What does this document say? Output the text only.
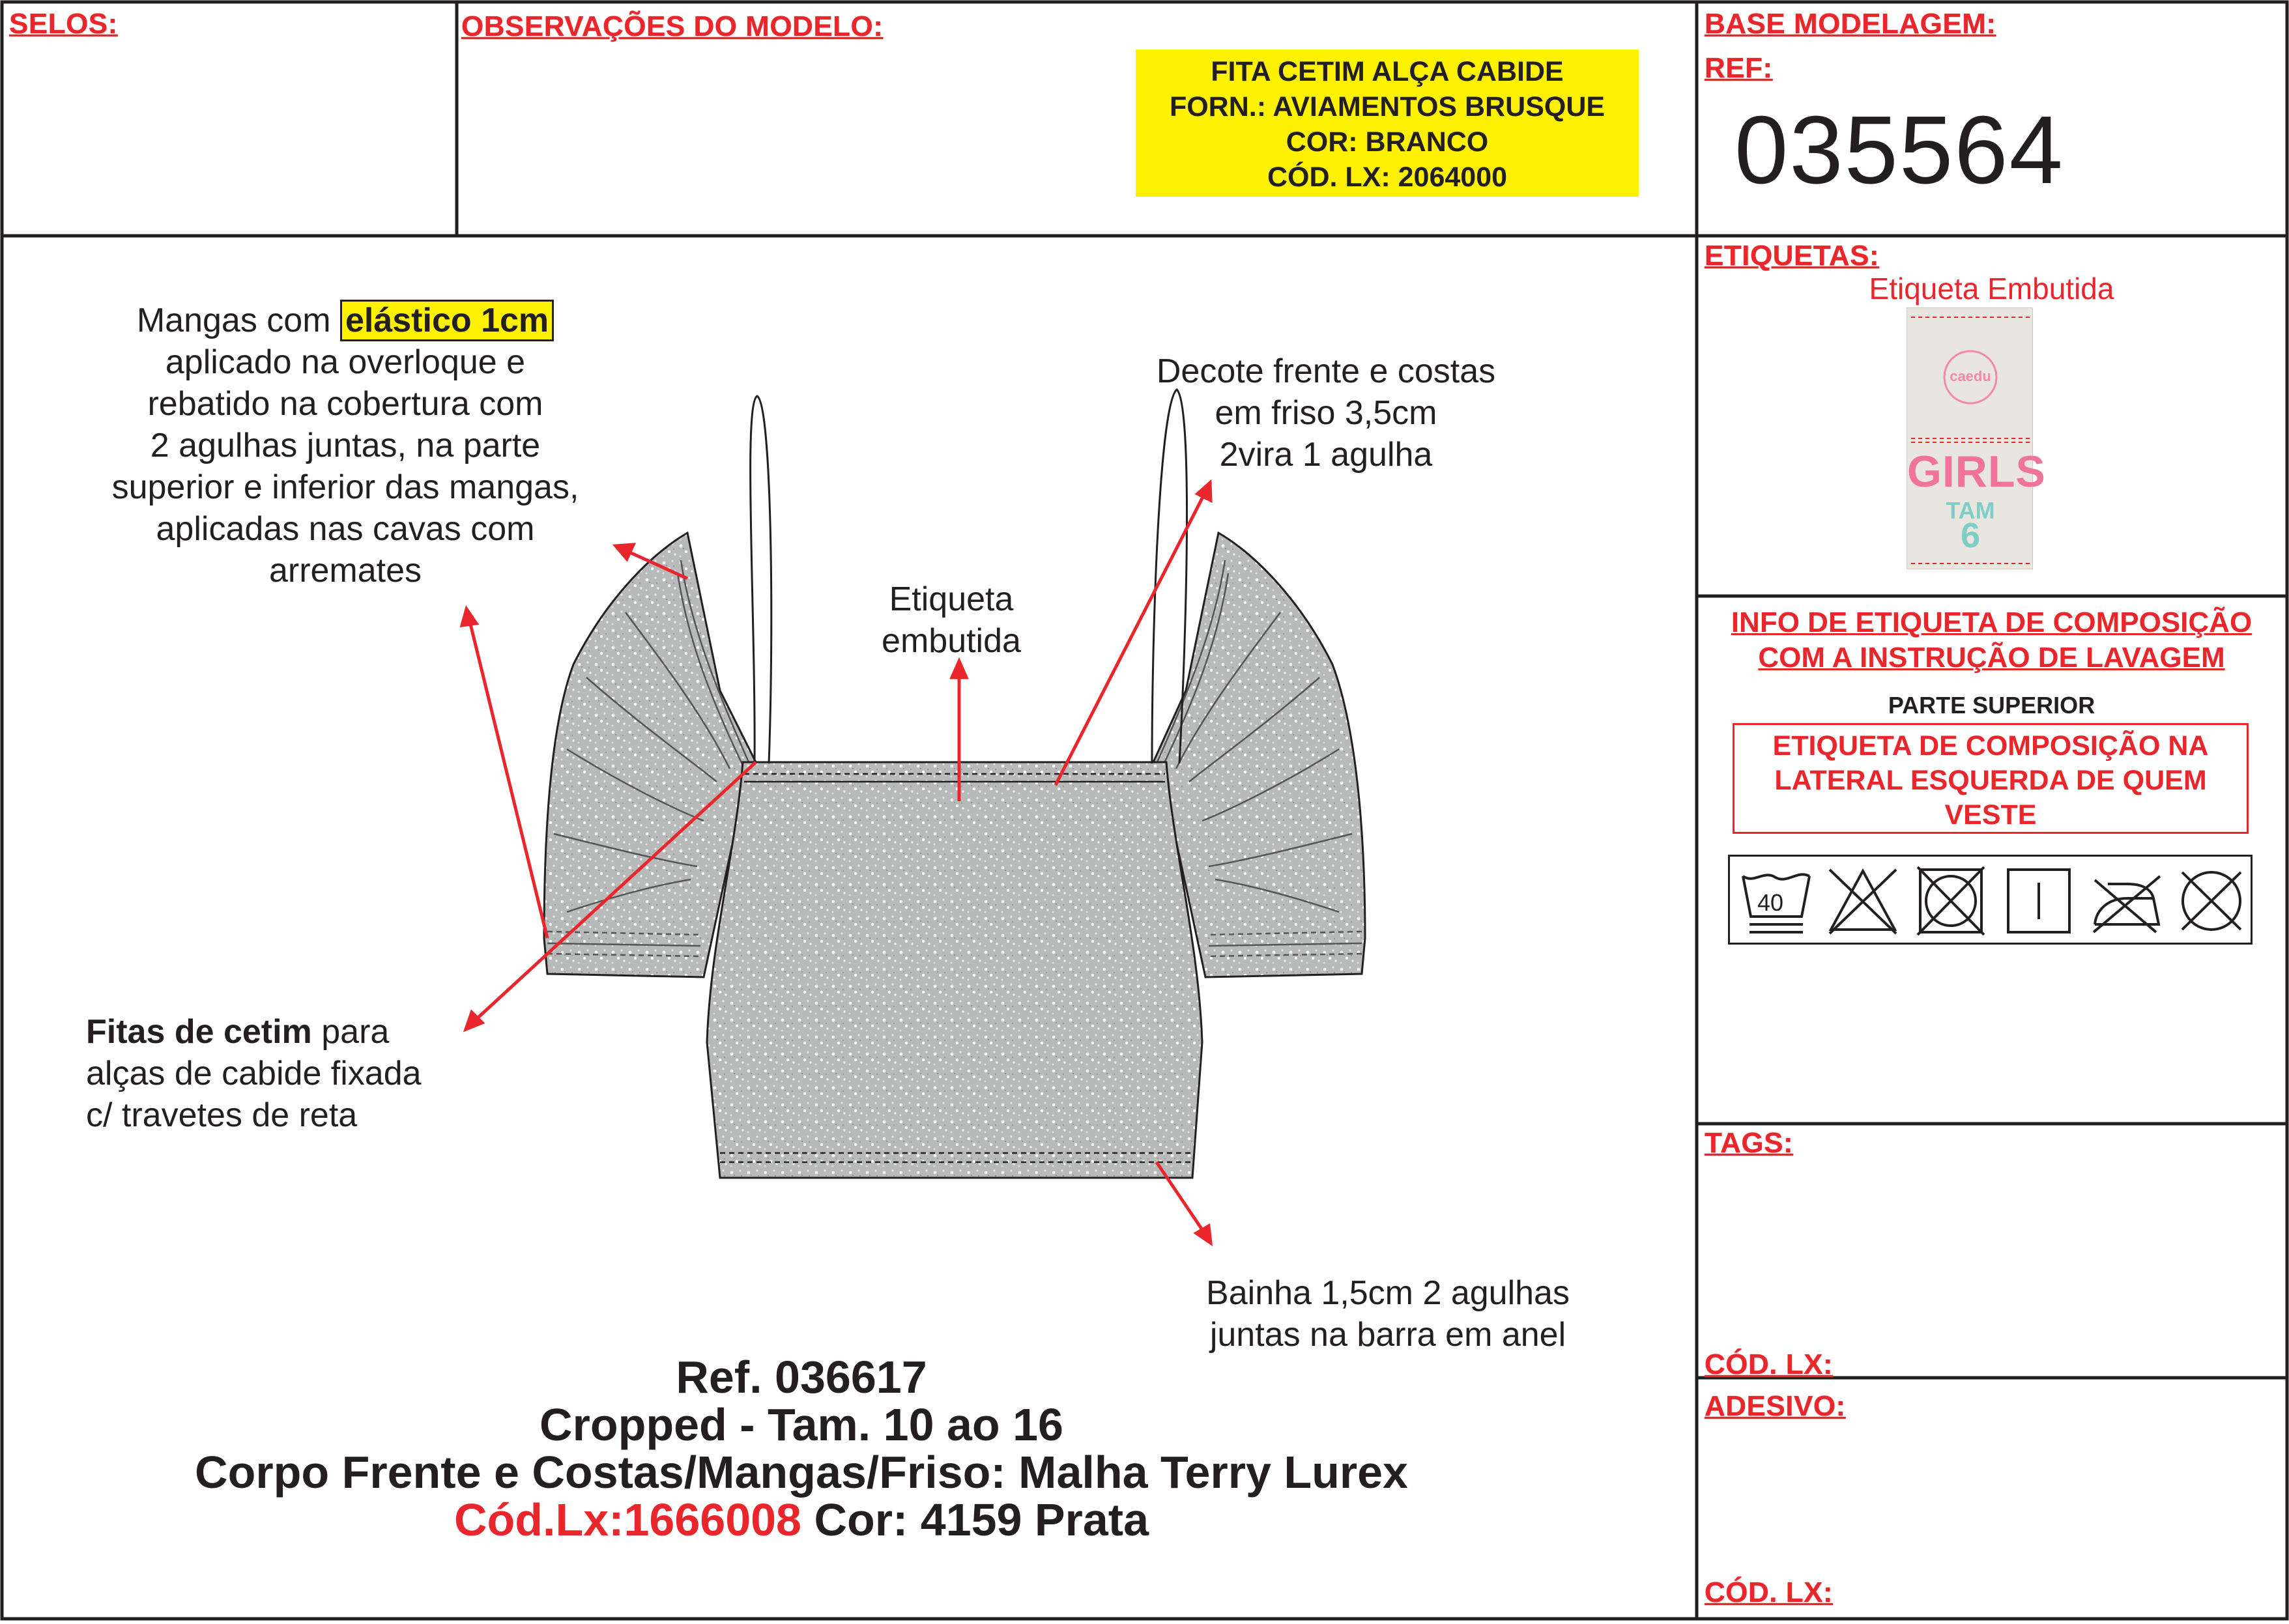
SELOS:	OBSERVAÇÕES DO MODELO:	BASE MODELAGEM:
REF:
035564
FITA CETIM ALÇA CABIDE
FORN.: AVIAMENTOS BRUSQUE
COR: BRANCO
CÓD. LX: 2064000
Mangas com elástico 1cm
aplicado na overloque e
rebatido na cobertura com
2 agulhas juntas, na parte
superior e inferior das mangas,
aplicadas nas cavas com
arremates
Decote frente e costas
em friso 3,5cm
2vira 1 agulha
Etiqueta
embutida
Fitas de cetim para
alças de cabide fixada
c/ travetes de reta
Bainha 1,5cm 2 agulhas
juntas na barra em anel
Ref. 036617
Cropped - Tam. 10 ao 16
Corpo Frente e Costas/Mangas/Friso: Malha Terry Lurex
Cód.Lx:1666008 Cor: 4159 Prata
ETIQUETAS:
Etiqueta Embutida
caedu
GIRLS
TAM
6
INFO DE ETIQUETA DE COMPOSIÇÃO
COM A INSTRUÇÃO DE LAVAGEM
PARTE SUPERIOR
ETIQUETA DE COMPOSIÇÃO NA
LATERAL ESQUERDA DE QUEM
VESTE
40
TAGS:
CÓD. LX:
ADESIVO:
CÓD. LX:
